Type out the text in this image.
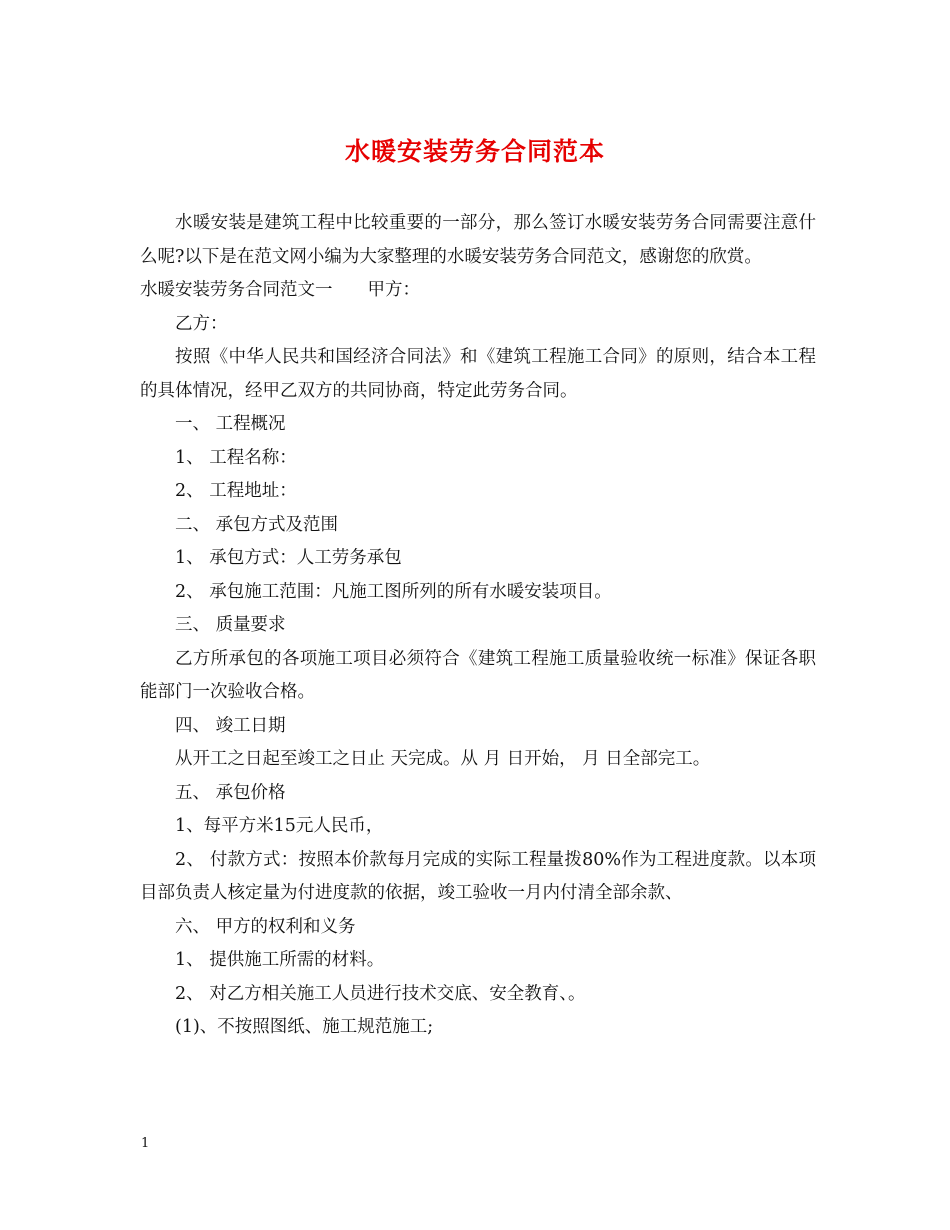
水暖安装劳务合同范本

水暖安装是建筑工程中比较重要的一部分，那么签订水暖安装劳务合同需要注意什么呢?以下是在范文网小编为大家整理的水暖安装劳务合同范文，感谢您的欣赏。

水暖安装劳务合同范文一　　甲方：

乙方：

按照《中华人民共和国经济合同法》和《建筑工程施工合同》的原则，结合本工程的具体情况，经甲乙双方的共同协商，特定此劳务合同。

一、 工程概况

1、 工程名称：

2、 工程地址：

二、 承包方式及范围

1、 承包方式：人工劳务承包

2、 承包施工范围：凡施工图所列的所有水暖安装项目。

三、 质量要求

乙方所承包的各项施工项目必须符合《建筑工程施工质量验收统一标准》保证各职能部门一次验收合格。

四、 竣工日期

从开工之日起至竣工之日止 天完成。从 月 日开始， 月 日全部完工。

五、 承包价格

1、每平方米15元人民币，

2、 付款方式：按照本价款每月完成的实际工程量拨80%作为工程进度款。以本项目部负责人核定量为付进度款的依据，竣工验收一月内付清全部余款、

六、 甲方的权利和义务

1、 提供施工所需的材料。

2、 对乙方相关施工人员进行技术交底、安全教育、。

(1)、不按照图纸、施工规范施工;

1
